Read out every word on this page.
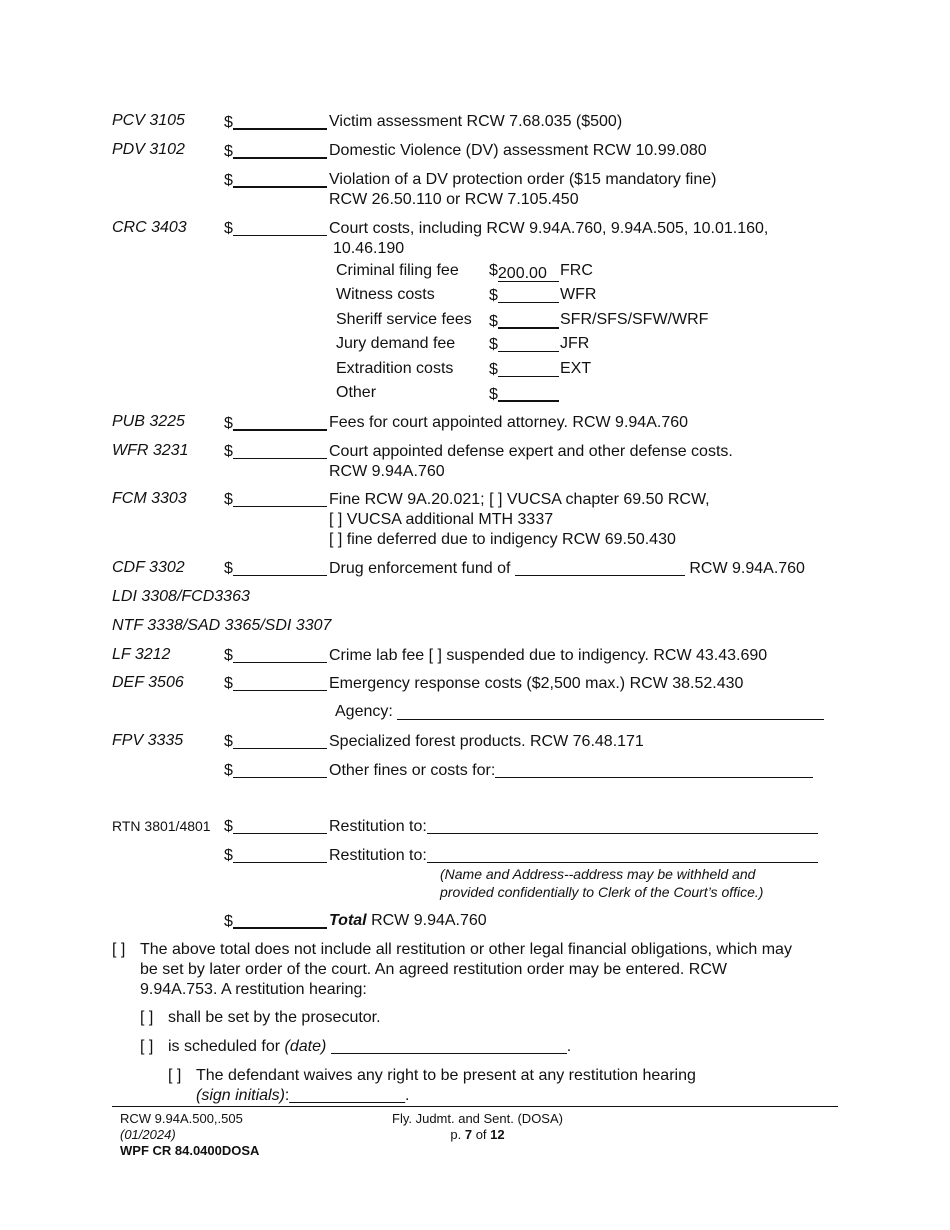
PCV 3105 $	Victim assessment RCW 7.68.035 ($500)
PDV 3102 $	Domestic Violence (DV) assessment RCW 10.99.080
$	Violation of a DV protection order ($15 mandatory fine)
RCW 26.50.110 or RCW 7.105.450
CRC 3403 $	Court costs, including RCW 9.94A.760, 9.94A.505, 10.01.160,
10.46.190
Criminal filing fee $200.00 FRC
Witness costs	$	WFR
Sheriff service fees $	SFR/SFS/SFW/WRF
Jury demand fee $	JFR
Extradition costs $	EXT
Other	$
PUB 3225 $	Fees for court appointed attorney. RCW 9.94A.760
WFR 3231 $	Court appointed defense expert and other defense costs.
RCW 9.94A.760
FCM 3303 $	Fine RCW 9A.20.021; [ ] VUCSA chapter 69.50 RCW,
[ ] VUCSA additional MTH 3337
[ ] fine deferred due to indigency RCW 69.50.430
CDF 3302 $	Drug enforcement fund of	RCW 9.94A.760
LDI 3308/FCD3363
NTF 3338/SAD 3365/SDI 3307
LF 3212	$	Crime lab fee [ ] suspended due to indigency. RCW 43.43.690
DEF 3506	$	Emergency response costs ($2,500 max.) RCW 38.52.430
Agency:
FPV 3335	$	Specialized forest products. RCW 76.48.171
$	Other fines or costs for:
RTN 3801/4801 $	Restitution to:
$	Restitution to:
(Name and Address--address may be withheld and
provided confidentially to Clerk of the Court’s office.)
$	Total RCW 9.94A.760
[ ] The above total does not include all restitution or other legal financial obligations, which may
be set by later order of the court. An agreed restitution order may be entered. RCW
9.94A.753. A restitution hearing:
[ ] shall be set by the prosecutor.
[ ] is scheduled for (date)	.
[ ] The defendant waives any right to be present at any restitution hearing
(sign initials):_____________.
RCW 9.94A.500,.505
(01/2024)
WPF CR 84.0400DOSA
Fly. Judmt. and Sent. (DOSA)
p. 7 of 12
